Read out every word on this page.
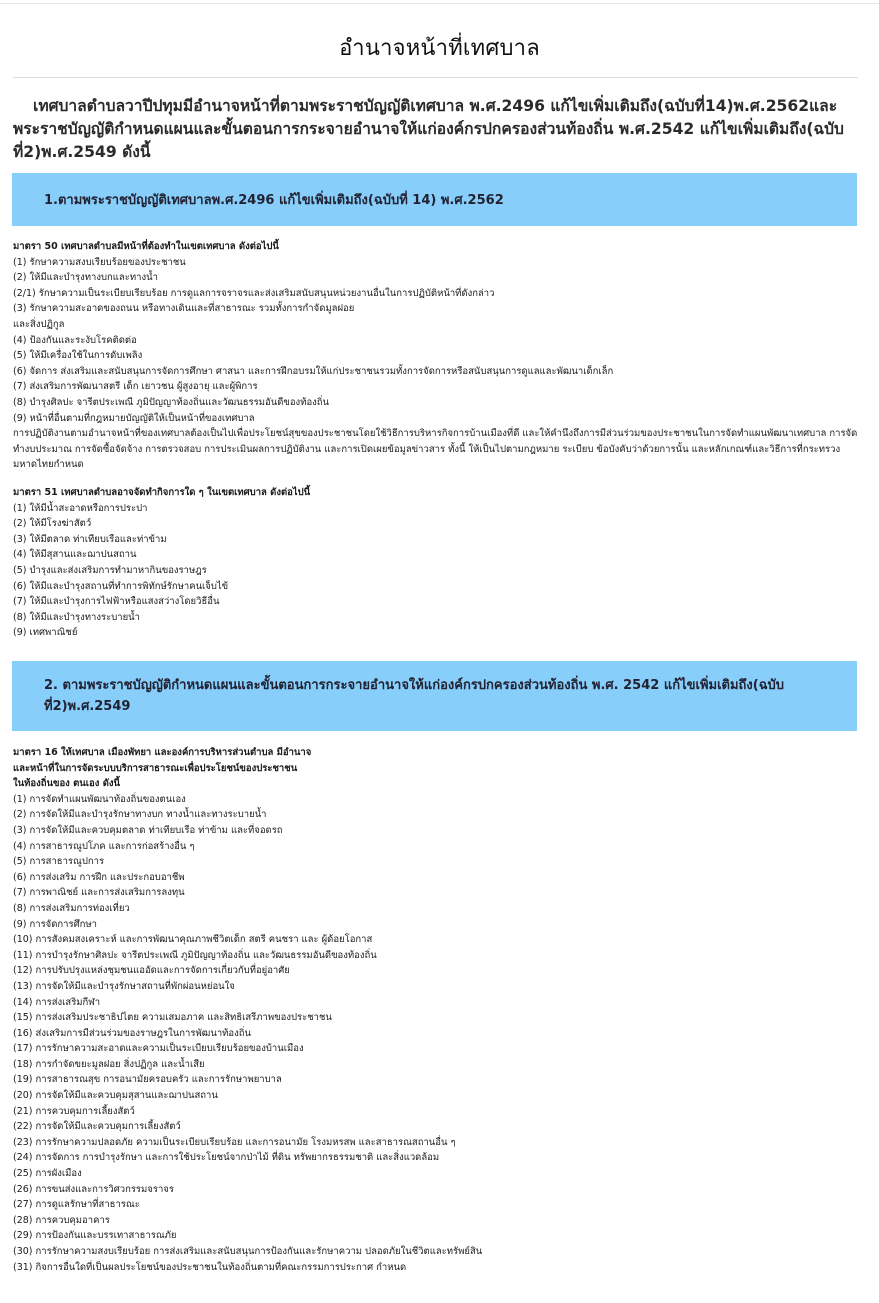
อำนาจหน้าที่เทศบาล
เทศบาลตำบลวาปีปทุมมีอำนาจหน้าที่ตามพระราชบัญญัติเทศบาล พ.ศ.2496 แก้ไขเพิ่มเติมถึง(ฉบับที่14)พ.ศ.2562และพระราชบัญญัติกำหนดแผนและขั้นตอนการกระจายอำนาจให้แก่องค์กรปกครองส่วนท้องถิ่น พ.ศ.2542 แก้ไขเพิ่มเติมถึง(ฉบับที่2)พ.ศ.2549 ดังนี้
1.ตามพระราชบัญญัติเทศบาลพ.ศ.2496 แก้ไขเพิ่มเติมถึง(ฉบับที่ 14) พ.ศ.2562
มาตรา 50 เทศบาลตำบลมีหน้าที่ต้องทำในเขตเทศบาล ดังต่อไปนี้
(1) รักษาความสงบเรียบร้อยของประชาชน
(2) ให้มีและบำรุงทางบกและทางน้ำ
(2/1) รักษาความเป็นระเบียบเรียบร้อย การดูแลการจราจรและส่งเสริมสนับสนุนหน่วยงานอื่นในการปฏิบัติหน้าที่ดังกล่าว
(3) รักษาความสะอาดของถนน หรือทางเดินและที่สาธารณะ รวมทั้งการกำจัดมูลฝอย
และสิ่งปฏิกูล
(4) ป้องกันและระงับโรคติดต่อ
(5) ให้มีเครื่องใช้ในการดับเพลิง
(6) จัดการ ส่งเสริมและสนับสนุนการจัดการศึกษา ศาสนา และการฝึกอบรมให้แก่ประชาชนรวมทั้งการจัดการหรือสนับสนุนการดูแลและพัฒนาเด็กเล็ก
(7) ส่งเสริมการพัฒนาสตรี เด็ก เยาวชน ผู้สูงอายุ และผู้พิการ
(8) บำรุงศิลปะ จารีตประเพณี ภูมิปัญญาท้องถิ่นและวัฒนธรรมอันดีของท้องถิ่น
(9) หน้าที่อื่นตามที่กฎหมายบัญญัติให้เป็นหน้าที่ของเทศบาล
การปฏิบัติงานตามอำนาจหน้าที่ของเทศบาลต้องเป็นไปเพื่อประโยชน์สุขของประชาชนโดยใช้วิธีการบริหารกิจการบ้านเมืองที่ดี และให้คำนึงถึงการมีส่วนร่วมของประชาชนในการจัดทำแผนพัฒนาเทศบาล การจัดทำงบประมาณ การจัดซื้อจัดจ้าง การตรวจสอบ การประเมินผลการปฏิบัติงาน และการเปิดเผยข้อมูลข่าวสาร ทั้งนี้ ให้เป็นไปตามกฎหมาย ระเบียบ ข้อบังคับว่าด้วยการนั้น และหลักเกณฑ์และวิธีการที่กระทรวงมหาดไทยกำหนด
มาตรา 51 เทศบาลตำบลอาจจัดทำกิจการใด ๆ ในเขตเทศบาล ดังต่อไปนี้
(1) ให้มีน้ำสะอาดหรือการประปา
(2) ให้มีโรงฆ่าสัตว์
(3) ให้มีตลาด ท่าเทียบเรือและท่าข้าม
(4) ให้มีสุสานและฌาปนสถาน
(5) บำรุงและส่งเสริมการทำมาหากินของราษฎร
(6) ให้มีและบำรุงสถานที่ทำการพิทักษ์รักษาคนเจ็บไข้
(7) ให้มีและบำรุงการไฟฟ้าหรือแสงสว่างโดยวิธีอื่น
(8) ให้มีและบำรุงทางระบายน้ำ
(9) เทศพาณิชย์
2. ตามพระราชบัญญัติกำหนดแผนและขั้นตอนการกระจายอำนาจให้แก่องค์กรปกครองส่วนท้องถิ่น พ.ศ. 2542 แก้ไขเพิ่มเติมถึง(ฉบับที่2)พ.ศ.2549
มาตรา 16 ให้เทศบาล เมืองพัทยา และองค์การบริหารส่วนตำบล มีอำนาจ
และหน้าที่ในการจัดระบบบริการสาธารณะเพื่อประโยชน์ของประชาชน
ในท้องถิ่นของ ตนเอง ดังนี้
(1) การจัดทำแผนพัฒนาท้องถิ่นของตนเอง
(2) การจัดให้มีและบำรุงรักษาทางบก ทางน้ำและทางระบายน้ำ
(3) การจัดให้มีและควบคุมตลาด ท่าเทียบเรือ ท่าข้าม และที่จอดรถ
(4) การสาธารณูปโภค และการก่อสร้างอื่น ๆ
(5) การสาธารณูปการ
(6) การส่งเสริม การฝึก และประกอบอาชีพ
(7) การพาณิชย์ และการส่งเสริมการลงทุน
(8) การส่งเสริมการท่องเที่ยว
(9) การจัดการศึกษา
(10) การสังคมสงเคราะห์ และการพัฒนาคุณภาพชีวิตเด็ก สตรี คนชรา และ ผู้ด้อยโอกาส
(11) การบำรุงรักษาศิลปะ จารีตประเพณี ภูมิปัญญาท้องถิ่น และวัฒนธรรมอันดีของท้องถิ่น
(12) การปรับปรุงแหล่งชุมชนแออัดและการจัดการเกี่ยวกับที่อยู่อาศัย
(13) การจัดให้มีและบำรุงรักษาสถานที่พักผ่อนหย่อนใจ
(14) การส่งเสริมกีฬา
(15) การส่งเสริมประชาธิปไตย ความเสมอภาค และสิทธิเสรีภาพของประชาชน
(16) ส่งเสริมการมีส่วนร่วมของราษฎรในการพัฒนาท้องถิ่น
(17) การรักษาความสะอาดและความเป็นระเบียบเรียบร้อยของบ้านเมือง
(18) การกำจัดขยะมูลฝอย สิ่งปฏิกูล และน้ำเสีย
(19) การสาธารณสุข การอนามัยครอบครัว และการรักษาพยาบาล
(20) การจัดให้มีและควบคุมสุสานและฌาปนสถาน
(21) การควบคุมการเลี้ยงสัตว์
(22) การจัดให้มีและควบคุมการเลี้ยงสัตว์
(23) การรักษาความปลอดภัย ความเป็นระเบียบเรียบร้อย และการอนามัย โรงมหรสพ และสาธารณสถานอื่น ๆ
(24) การจัดการ การบำรุงรักษา และการใช้ประโยชน์จากป่าไม้ ที่ดิน ทรัพยากรธรรมชาติ และสิ่งแวดล้อม
(25) การผังเมือง
(26) การขนส่งและการวิศวกรรมจราจร
(27) การดูแลรักษาที่สาธารณะ
(28) การควบคุมอาคาร
(29) การป้องกันและบรรเทาสาธารณภัย
(30) การรักษาความสงบเรียบร้อย การส่งเสริมและสนับสนุนการป้องกันและรักษาความ ปลอดภัยในชีวิตและทรัพย์สิน
(31) กิจการอื่นใดที่เป็นผลประโยชน์ของประชาชนในท้องถิ่นตามที่คณะกรรมการประกาศ กำหนด
